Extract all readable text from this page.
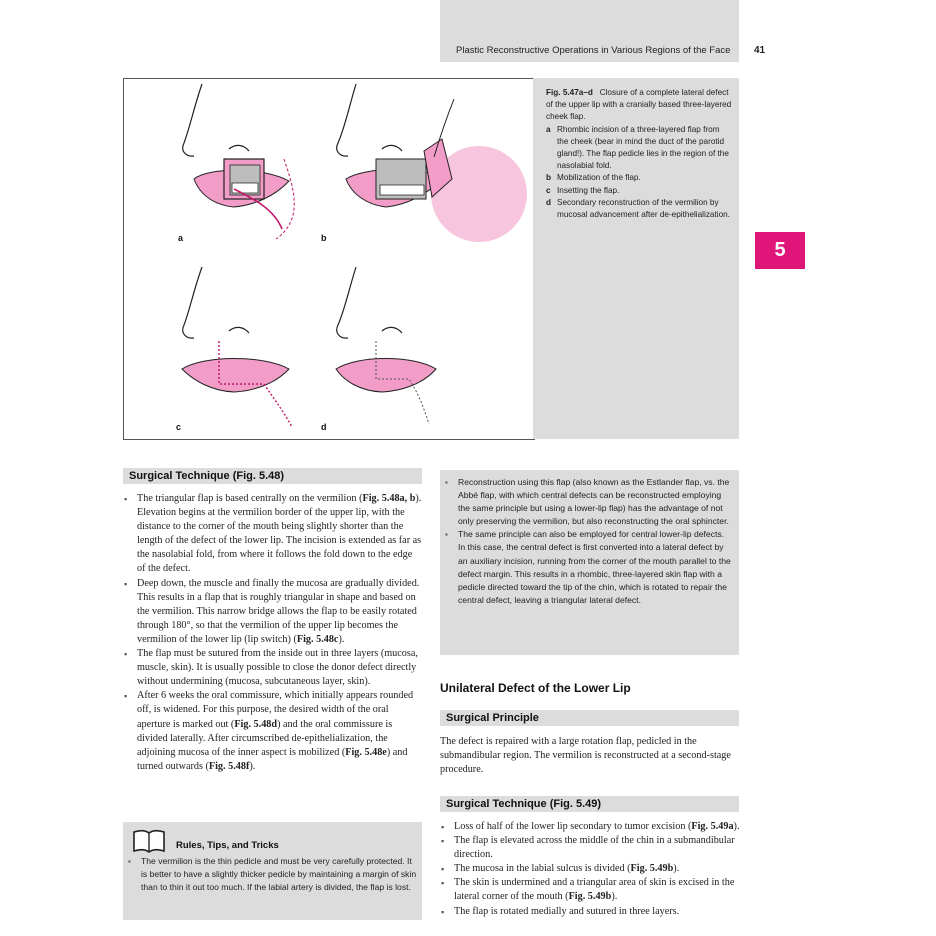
Plastic Reconstructive Operations in Various Regions of the Face 41
5
a	b
c	d
Fig. 5.47a–d Closure of a complete lateral defect of the upper lip with a cranially based three-layered cheek flap.
a Rhombic incision of a three-layered flap from the cheek (bear in mind the duct of the parotid gland!). The flap pedicle lies in the region of the nasolabial fold.
b Mobilization of the flap.
c Insetting the flap.
d Secondary reconstruction of the vermilion by mucosal advancement after de-epithelialization.
Surgical Technique (Fig. 5.48)
▪ The triangular flap is based centrally on the vermilion (Fig. 5.48a, b). Elevation begins at the vermilion border of the upper lip, with the distance to the corner of the mouth being slightly shorter than the length of the defect of the lower lip. The incision is extended as far as the nasolabial fold, from where it follows the fold down to the edge of the defect.
▪ Deep down, the muscle and finally the mucosa are gradually divided. This results in a flap that is roughly triangular in shape and based on the vermilion. This narrow bridge allows the flap to be easily rotated through 180°, so that the vermilion of the upper lip becomes the vermilion of the lower lip (lip switch) (Fig. 5.48c).
▪ The flap must be sutured from the inside out in three layers (mucosa, muscle, skin). It is usually possible to close the donor defect directly without undermining (mucosa, subcutaneous layer, skin).
▪ After 6 weeks the oral commissure, which initially appears rounded off, is widened. For this purpose, the desired width of the oral aperture is marked out (Fig. 5.48d) and the oral commissure is divided laterally. After circumscribed de-epithelialization, the adjoining mucosa of the inner aspect is mobilized (Fig. 5.48e) and turned outwards (Fig. 5.48f).
Rules, Tips, and Tricks
▪ The vermilion is the thin pedicle and must be very carefully protected. It is better to have a slightly thicker pedicle by maintaining a margin of skin than to thin it out too much. If the labial artery is divided, the flap is lost.
▪ Reconstruction using this flap (also known as the Estlander flap, vs. the Abbé flap, with which central defects can be reconstructed employing the same principle but using a lower-lip flap) has the advantage of not only preserving the vermilion, but also reconstructing the oral sphincter.
▪ The same principle can also be employed for central lower-lip defects. In this case, the central defect is first converted into a lateral defect by an auxiliary incision, running from the corner of the mouth parallel to the defect margin. This results in a rhombic, three-layered skin flap with a pedicle directed toward the tip of the chin, which is rotated to repair the central defect, leaving a triangular lateral defect.
Unilateral Defect of the Lower Lip
Surgical Principle
The defect is repaired with a large rotation flap, pedicled in the submandibular region. The vermilion is reconstructed at a second-stage procedure.
Surgical Technique (Fig. 5.49)
▪ Loss of half of the lower lip secondary to tumor excision (Fig. 5.49a).
▪ The flap is elevated across the middle of the chin in a submandibular direction.
▪ The mucosa in the labial sulcus is divided (Fig. 5.49b).
▪ The skin is undermined and a triangular area of skin is excised in the lateral corner of the mouth (Fig. 5.49b).
▪ The flap is rotated medially and sutured in three layers.
